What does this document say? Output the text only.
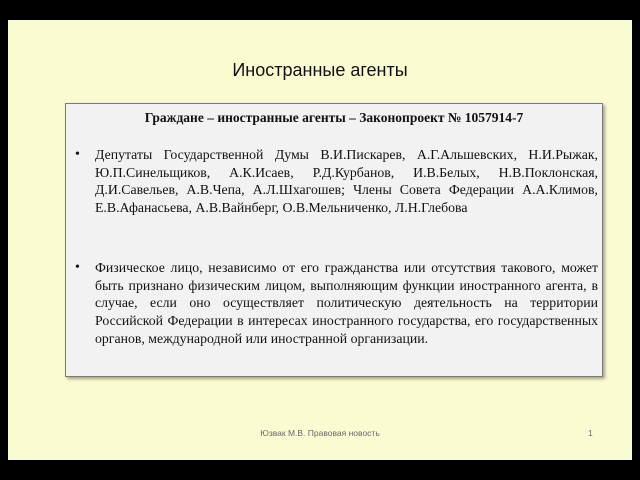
Иностранные агенты
Граждане – иностранные агенты – Законопроект № 1057914-7
• Депутаты Государственной Думы В.И.Пискарев, А.Г.Альшевских, Н.И.Рыжак, Ю.П.Синельщиков, А.К.Исаев, Р.Д.Курбанов, И.В.Белых, Н.В.Поклонская, Д.И.Савельев, А.В.Чепа, А.Л.Шхагошев; Члены Совета Федерации А.А.Климов, Е.В.Афанасьева, А.В.Вайнберг, О.В.Мельниченко, Л.Н.Глебова
• Физическое лицо, независимо от его гражданства или отсутствия такового, может быть признано физическим лицом, выполняющим функции иностранного агента, в случае, если оно осуществляет политическую деятельность на территории Российской Федерации в интересах иностранного государства, его государственных органов, международной или иностранной организации.
Юзвак М.В. Правовая новость	1
